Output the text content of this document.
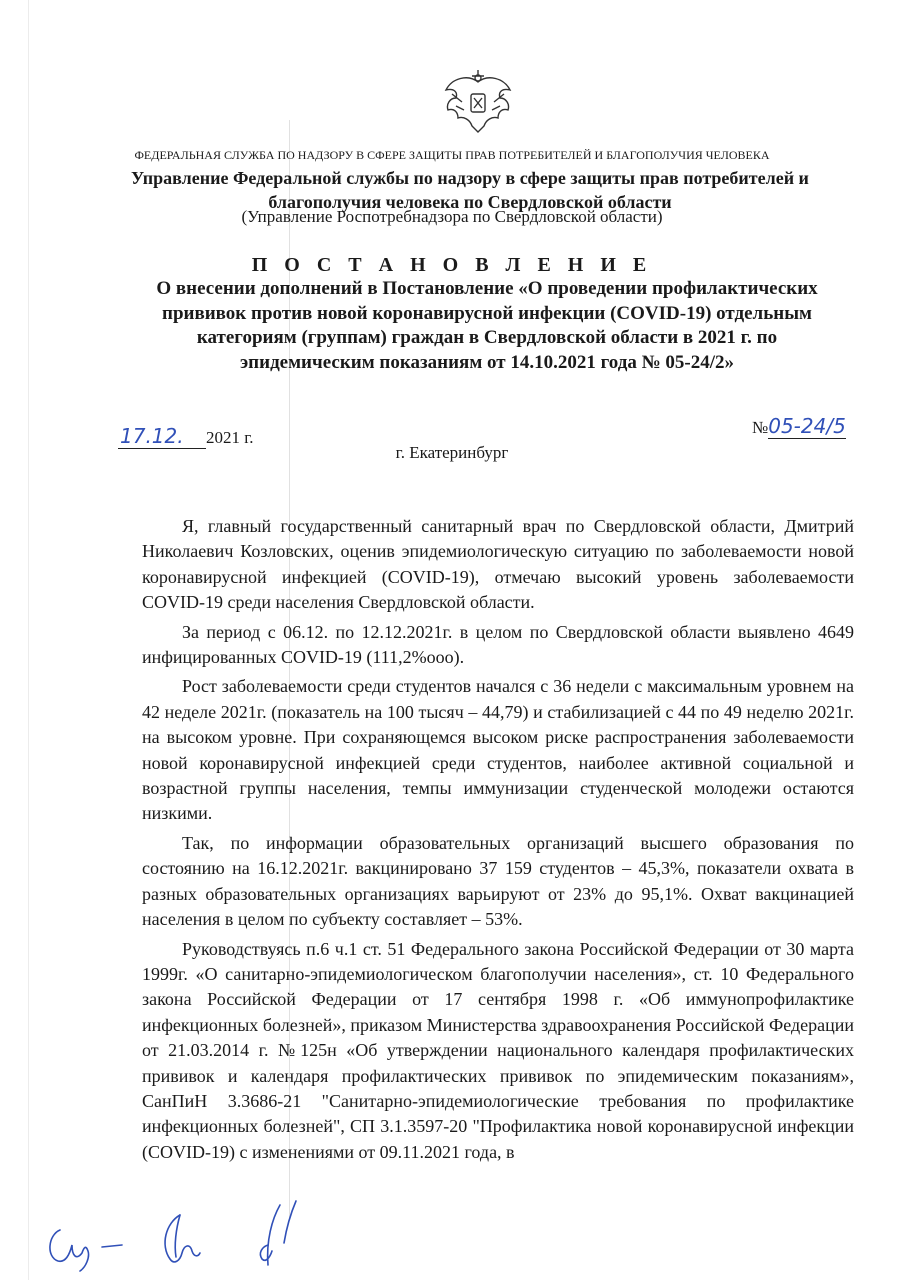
ФЕДЕРАЛЬНАЯ СЛУЖБА ПО НАДЗОРУ В СФЕРЕ ЗАЩИТЫ ПРАВ ПОТРЕБИТЕЛЕЙ И БЛАГОПОЛУЧИЯ ЧЕЛОВЕКА
Управление Федеральной службы по надзору в сфере защиты прав потребителей и благополучия человека по Свердловской области
(Управление Роспотребнадзора по Свердловской области)
П О С Т А Н О В Л Е Н И Е
О внесении дополнений в Постановление «О проведении профилактических прививок против новой коронавирусной инфекции (COVID-19) отдельным категориям (группам) граждан в Свердловской области в 2021 г. по эпидемическим показаниям от 14.10.2021 года № 05-24/2»
17.12. 2021 г.
№05-24/5
г. Екатеринбург

Я, главный государственный санитарный врач по Свердловской области, Дмитрий Николаевич Козловских, оценив эпидемиологическую ситуацию по заболеваемости новой коронавирусной инфекцией (COVID-19), отмечаю высокий уровень заболеваемости COVID-19 среди населения Свердловской области.

За период с 06.12. по 12.12.2021г. в целом по Свердловской области выявлено 4649 инфицированных COVID-19 (111,2%ооо).

Рост заболеваемости среди студентов начался с 36 недели с максимальным уровнем на 42 неделе 2021г. (показатель на 100 тысяч – 44,79) и стабилизацией с 44 по 49 неделю 2021г. на высоком уровне. При сохраняющемся высоком риске распространения заболеваемости новой коронавирусной инфекцией среди студентов, наиболее активной социальной и возрастной группы населения, темпы иммунизации студенческой молодежи остаются низкими.

Так, по информации образовательных организаций высшего образования по состоянию на 16.12.2021г. вакцинировано 37 159 студентов – 45,3%, показатели охвата в разных образовательных организациях варьируют от 23% до 95,1%. Охват вакцинацией населения в целом по субъекту составляет – 53%.

Руководствуясь п.6 ч.1 ст. 51 Федерального закона Российской Федерации от 30 марта 1999г. «О санитарно-эпидемиологическом благополучии населения», ст. 10 Федерального закона Российской Федерации от 17 сентября 1998 г. «Об иммунопрофилактике инфекционных болезней», приказом Министерства здравоохранения Российской Федерации от 21.03.2014 г. №125н «Об утверждении национального календаря профилактических прививок и календаря профилактических прививок по эпидемическим показаниям», СанПиН 3.3686-21 "Санитарно-эпидемиологические требования по профилактике инфекционных болезней", СП 3.1.3597-20 "Профилактика новой коронавирусной инфекции (COVID-19) с изменениями от 09.11.2021 года, в
